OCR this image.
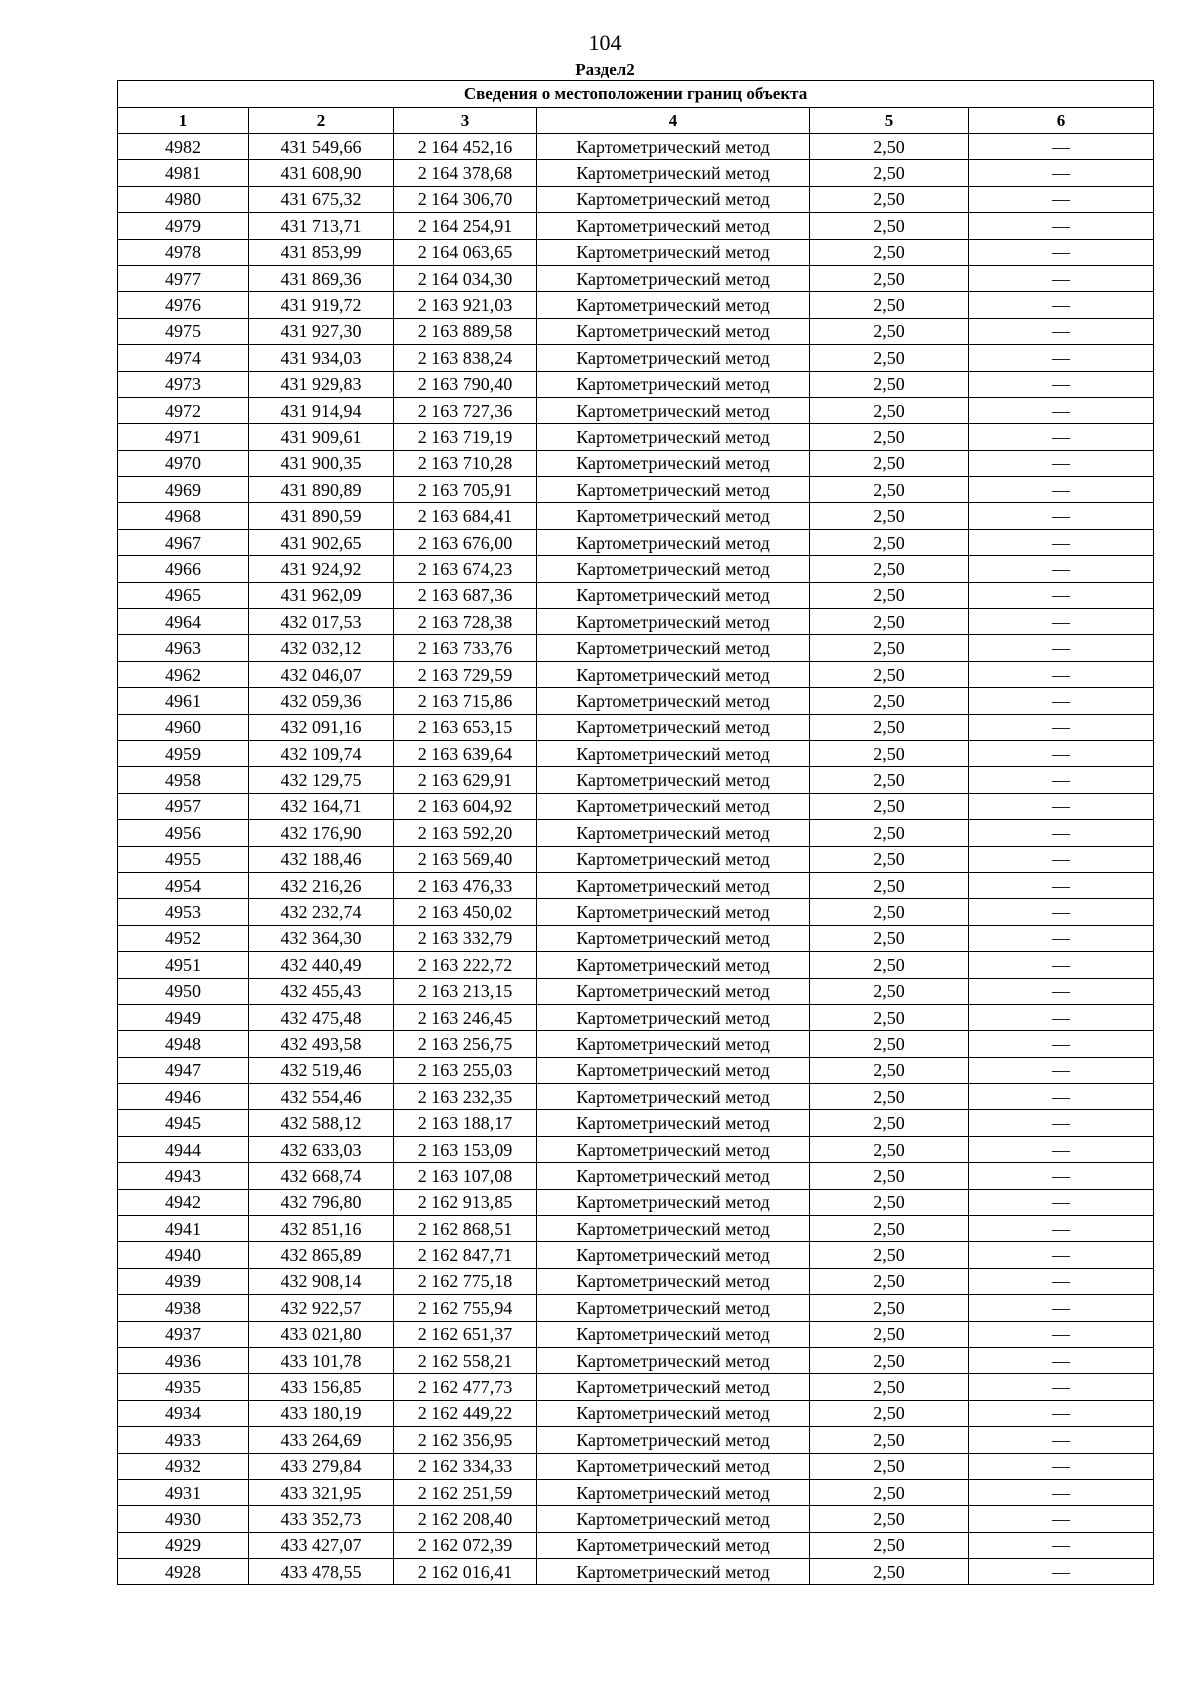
104
Раздел2
Сведения о местоположении границ объекта					
1	2	3	4	5	6
4982	431 549,66	2 164 452,16	Картометрический метод	2,50	—
4981	431 608,90	2 164 378,68	Картометрический метод	2,50	—
4980	431 675,32	2 164 306,70	Картометрический метод	2,50	—
4979	431 713,71	2 164 254,91	Картометрический метод	2,50	—
4978	431 853,99	2 164 063,65	Картометрический метод	2,50	—
4977	431 869,36	2 164 034,30	Картометрический метод	2,50	—
4976	431 919,72	2 163 921,03	Картометрический метод	2,50	—
4975	431 927,30	2 163 889,58	Картометрический метод	2,50	—
4974	431 934,03	2 163 838,24	Картометрический метод	2,50	—
4973	431 929,83	2 163 790,40	Картометрический метод	2,50	—
4972	431 914,94	2 163 727,36	Картометрический метод	2,50	—
4971	431 909,61	2 163 719,19	Картометрический метод	2,50	—
4970	431 900,35	2 163 710,28	Картометрический метод	2,50	—
4969	431 890,89	2 163 705,91	Картометрический метод	2,50	—
4968	431 890,59	2 163 684,41	Картометрический метод	2,50	—
4967	431 902,65	2 163 676,00	Картометрический метод	2,50	—
4966	431 924,92	2 163 674,23	Картометрический метод	2,50	—
4965	431 962,09	2 163 687,36	Картометрический метод	2,50	—
4964	432 017,53	2 163 728,38	Картометрический метод	2,50	—
4963	432 032,12	2 163 733,76	Картометрический метод	2,50	—
4962	432 046,07	2 163 729,59	Картометрический метод	2,50	—
4961	432 059,36	2 163 715,86	Картометрический метод	2,50	—
4960	432 091,16	2 163 653,15	Картометрический метод	2,50	—
4959	432 109,74	2 163 639,64	Картометрический метод	2,50	—
4958	432 129,75	2 163 629,91	Картометрический метод	2,50	—
4957	432 164,71	2 163 604,92	Картометрический метод	2,50	—
4956	432 176,90	2 163 592,20	Картометрический метод	2,50	—
4955	432 188,46	2 163 569,40	Картометрический метод	2,50	—
4954	432 216,26	2 163 476,33	Картометрический метод	2,50	—
4953	432 232,74	2 163 450,02	Картометрический метод	2,50	—
4952	432 364,30	2 163 332,79	Картометрический метод	2,50	—
4951	432 440,49	2 163 222,72	Картометрический метод	2,50	—
4950	432 455,43	2 163 213,15	Картометрический метод	2,50	—
4949	432 475,48	2 163 246,45	Картометрический метод	2,50	—
4948	432 493,58	2 163 256,75	Картометрический метод	2,50	—
4947	432 519,46	2 163 255,03	Картометрический метод	2,50	—
4946	432 554,46	2 163 232,35	Картометрический метод	2,50	—
4945	432 588,12	2 163 188,17	Картометрический метод	2,50	—
4944	432 633,03	2 163 153,09	Картометрический метод	2,50	—
4943	432 668,74	2 163 107,08	Картометрический метод	2,50	—
4942	432 796,80	2 162 913,85	Картометрический метод	2,50	—
4941	432 851,16	2 162 868,51	Картометрический метод	2,50	—
4940	432 865,89	2 162 847,71	Картометрический метод	2,50	—
4939	432 908,14	2 162 775,18	Картометрический метод	2,50	—
4938	432 922,57	2 162 755,94	Картометрический метод	2,50	—
4937	433 021,80	2 162 651,37	Картометрический метод	2,50	—
4936	433 101,78	2 162 558,21	Картометрический метод	2,50	—
4935	433 156,85	2 162 477,73	Картометрический метод	2,50	—
4934	433 180,19	2 162 449,22	Картометрический метод	2,50	—
4933	433 264,69	2 162 356,95	Картометрический метод	2,50	—
4932	433 279,84	2 162 334,33	Картометрический метод	2,50	—
4931	433 321,95	2 162 251,59	Картометрический метод	2,50	—
4930	433 352,73	2 162 208,40	Картометрический метод	2,50	—
4929	433 427,07	2 162 072,39	Картометрический метод	2,50	—
4928	433 478,55	2 162 016,41	Картометрический метод	2,50	—
